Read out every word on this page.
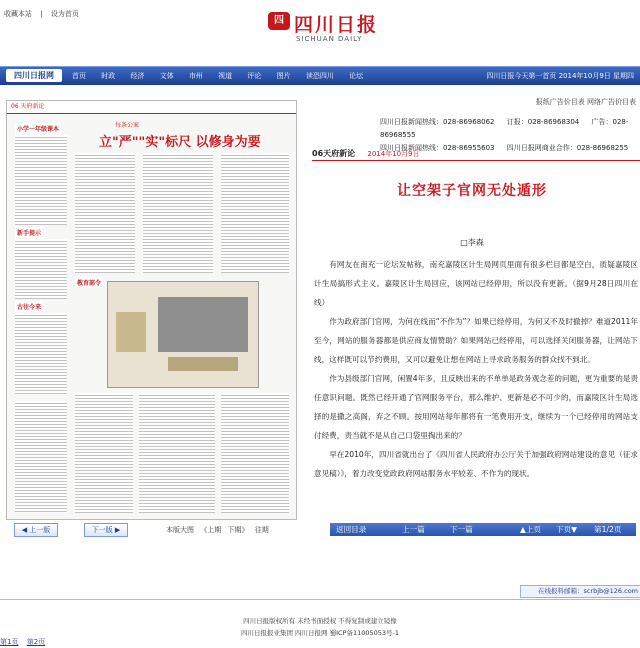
收藏本站 | 设为首页
四 四川日报
SICHUAN DAILY
四川日报网	首页 时政 经济 文体 市州 视道 评论 图片 读恐四川 论坛	四川日报今天第一首页 2014年10月9日 星期四
报纸广告价目表 网络广告价目表
四川日报新闻热线：028-86968062 订报：028-86968304 广告：028-86968555
四川日报新闻热线：028-86955603 四川日报网商业合作：028-86968255
06 天府新论
每条公案
立"严""实"标尺 以修身为要
小学一年级课本
新手提示
古往今来
教育部令
◀ 上一版	下一版 ▶	本版大图 《上期 下期》 往期
06天府新论 2014年10月9日
让空架子官网无处遁形
□李森

有网友在南充一论坛发帖称，南充嘉陵区计生局网页里面有很多栏目都是空白，质疑嘉陵区计生局搞形式主义。嘉陵区计生局回应，该网站已经停用，所以没有更新。（据9月28日四川在线）

作为政府部门官网，为何在线而“不作为”？如果已经停用，为何又不及时撤掉？难道2011年至今，网站的服务器都是供应商友情赞助？如果网站已经停用，可以选择关闭服务器，让网站下线，这样既可以节约费用，又可以避免让想在网站上寻求政务服务的群众找不到北。

作为县级部门官网，闲置4年多，且反映出来的不单单是政务观念差的问题，更为重要的是责任意识问题。既然已经开通了官网服务平台，那么维护、更新是必不可少的，而嘉陵区计生局选择的是撒之高阁，弃之不顾。按用网站每年都将有一笔费用开支，继续为一个已经停用的网站支付经费，责当就不是从自己口袋里掏出来的？

早在2010年，四川省就出台了《四川省人民政府办公厅关于加强政府网站建设的意见（征求意见稿）》，着力改变党政政府网站服务水平较差、不作为的现状。

返回目录	上一篇	下一篇	▲上页 下页▼ 第1/2页
在线报料邮箱：scrbjb@126.com
四川日报版权所有 未经书面授权 不得复制或建立镜像
四川日报报业集团 四川日报网 蜀ICP备11005053号-1
第1页 第2页
